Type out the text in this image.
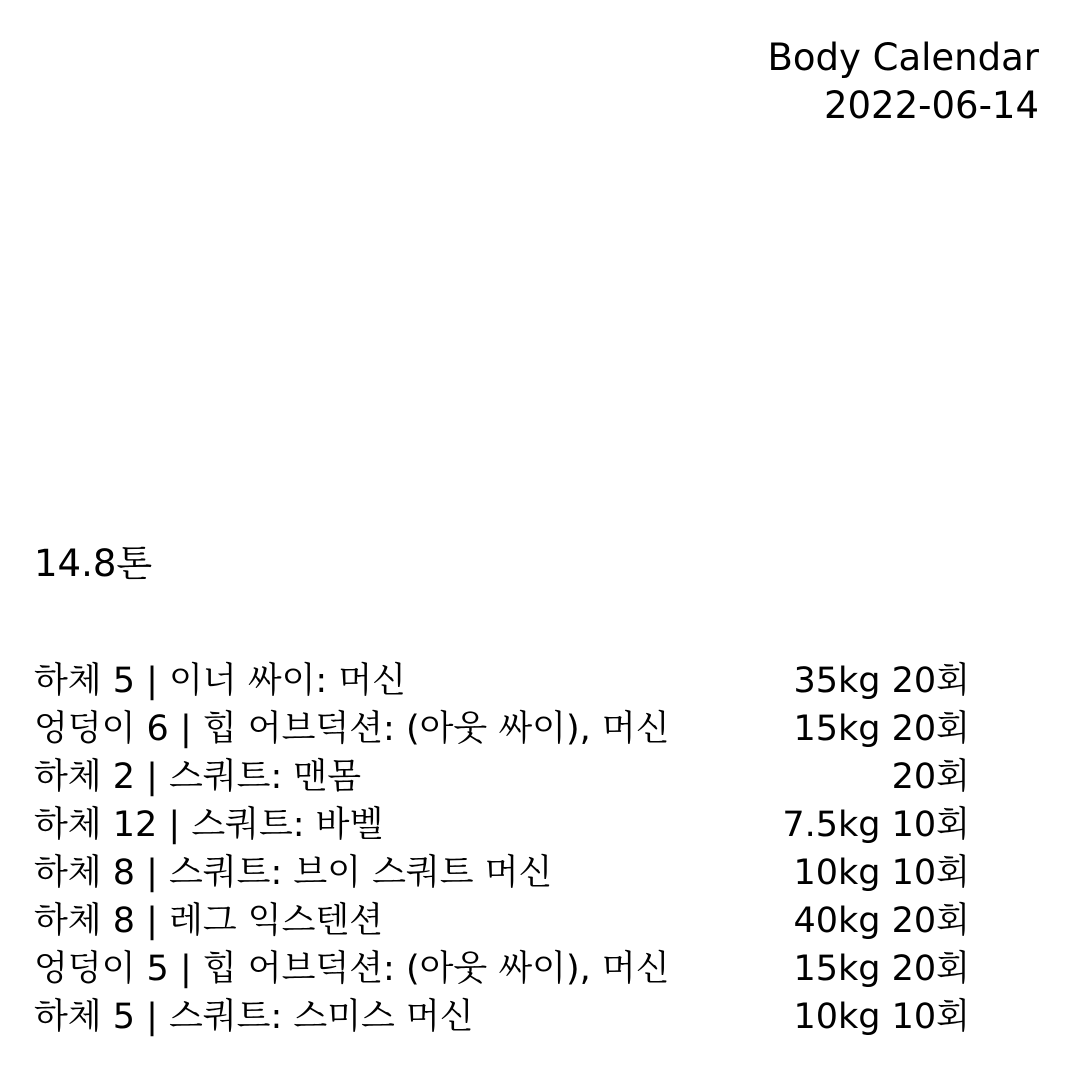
Body Calendar
2022-06-14
14.8톤
하체 5 | 이너 싸이: 머신	35kg 20회
엉덩이 6 | 힙 어브덕션: (아웃 싸이), 머신	15kg 20회
하체 2 | 스쿼트: 맨몸	20회
하체 12 | 스쿼트: 바벨	7.5kg 10회
하체 8 | 스쿼트: 브이 스쿼트 머신	10kg 10회
하체 8 | 레그 익스텐션	40kg 20회
엉덩이 5 | 힙 어브덕션: (아웃 싸이), 머신	15kg 20회
하체 5 | 스쿼트: 스미스 머신	10kg 10회
